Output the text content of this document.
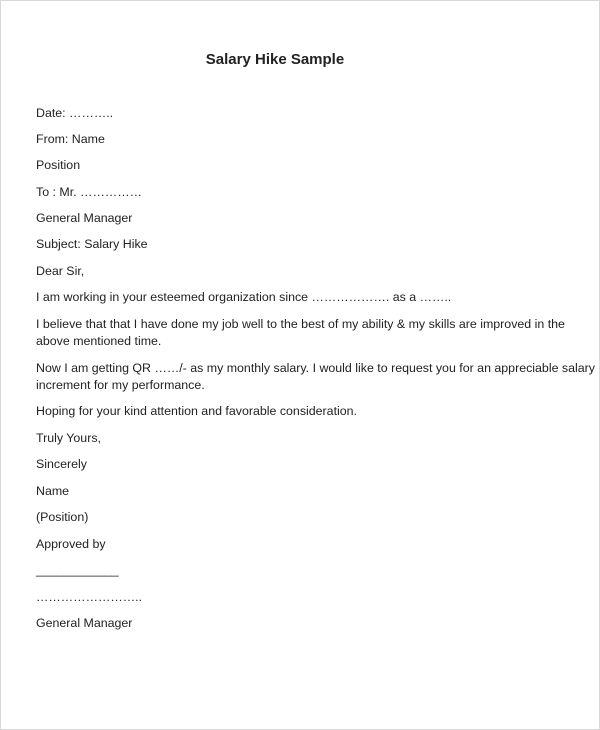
Salary Hike Sample
Date: ………..
From: Name
Position
To : Mr. ……………
General Manager
Subject: Salary Hike
Dear Sir,
I am working in your esteemed organization since ………………. as a ……..
I believe that that I have done my job well to the best of my ability & my skills are improved in the
above mentioned time.
Now I am getting QR ……/- as my monthly salary. I would like to request you for an appreciable salary
increment for my performance.
Hoping for your kind attention and favorable consideration.
Truly Yours,
Sincerely
Name
(Position)
Approved by
____________
……………………..
General Manager
